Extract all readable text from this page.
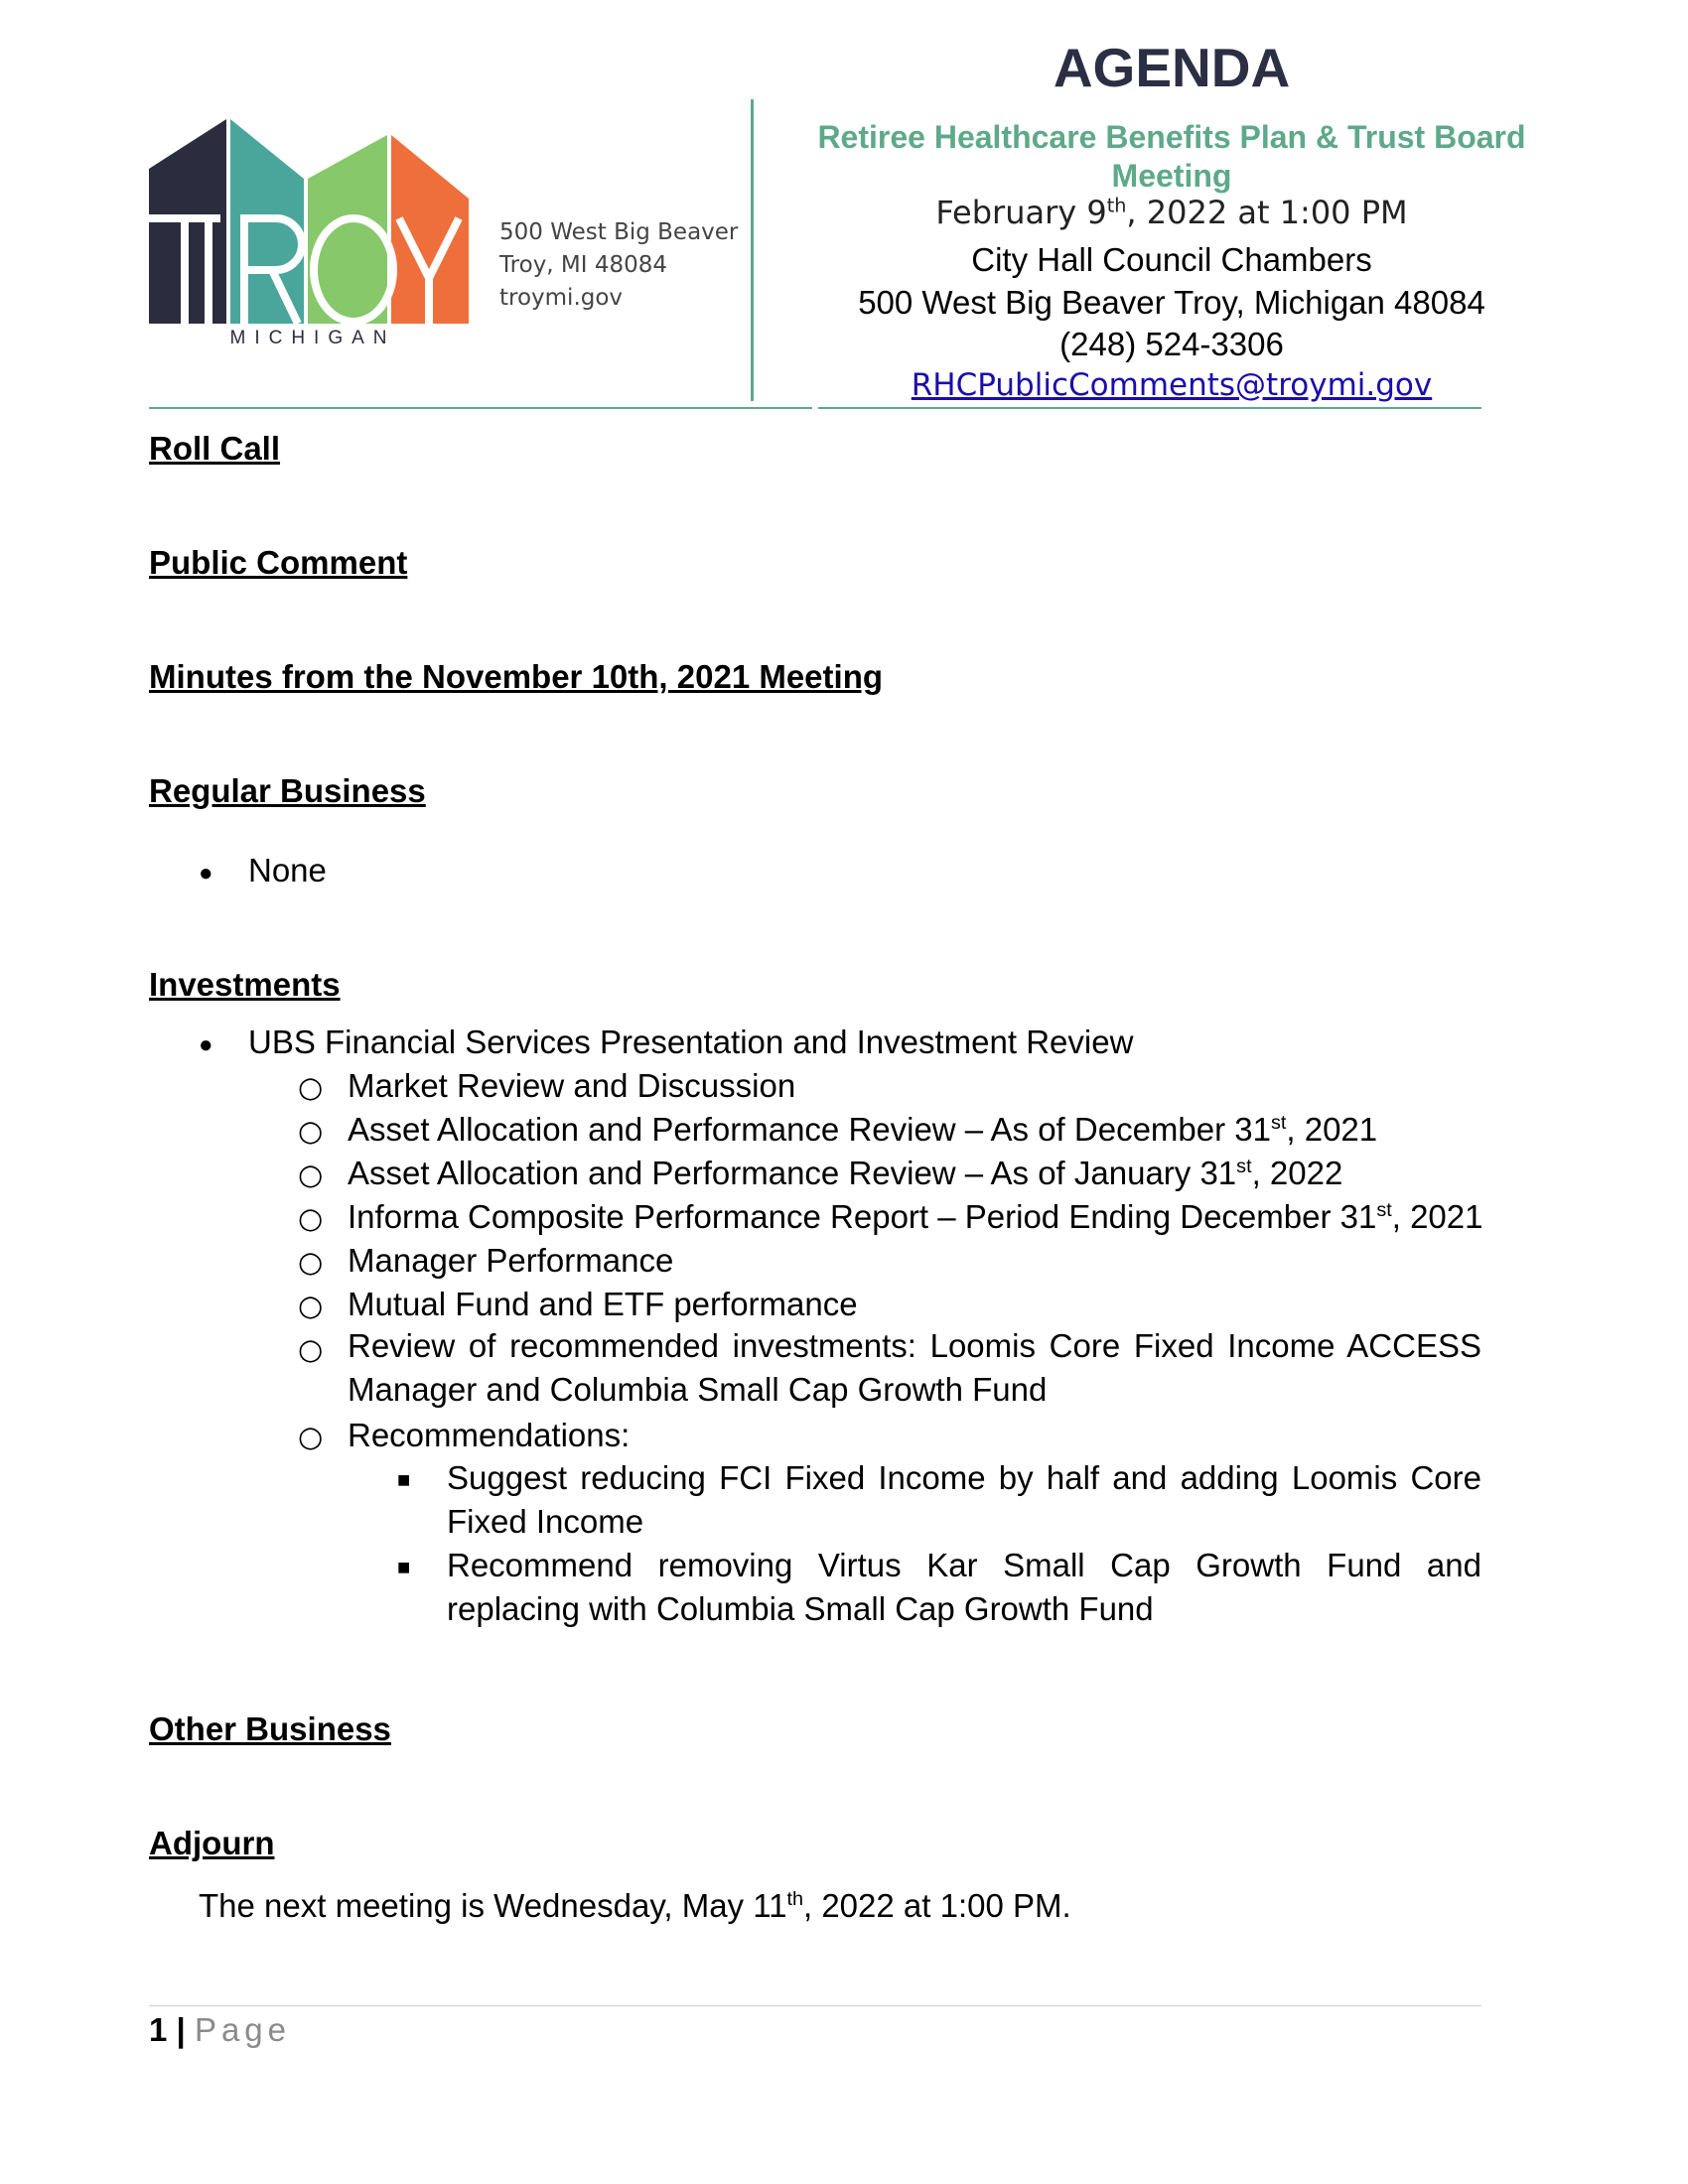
MICHIGAN
500 West Big Beaver
Troy, MI 48084
troymi.gov
AGENDA
Retiree Healthcare Benefits Plan & Trust Board Meeting
February 9th, 2022 at 1:00 PM
City Hall Council Chambers
500 West Big Beaver Troy, Michigan 48084
(248) 524-3306
RHCPublicComments@troymi.gov
Roll Call
Public Comment
Minutes from the November 10th, 2021 Meeting
Regular Business
● None
Investments
● UBS Financial Services Presentation and Investment Review
○ Market Review and Discussion
○ Asset Allocation and Performance Review – As of December 31st, 2021
○ Asset Allocation and Performance Review – As of January 31st, 2022
○ Informa Composite Performance Report – Period Ending December 31st, 2021
○ Manager Performance
○ Mutual Fund and ETF performance
○ Review of recommended investments: Loomis Core Fixed Income ACCESS Manager and Columbia Small Cap Growth Fund
○ Recommendations:
■ Suggest reducing FCI Fixed Income by half and adding Loomis Core Fixed Income
■ Recommend removing Virtus Kar Small Cap Growth Fund and replacing with Columbia Small Cap Growth Fund
Other Business
Adjourn
The next meeting is Wednesday, May 11th, 2022 at 1:00 PM.
1 | Page
